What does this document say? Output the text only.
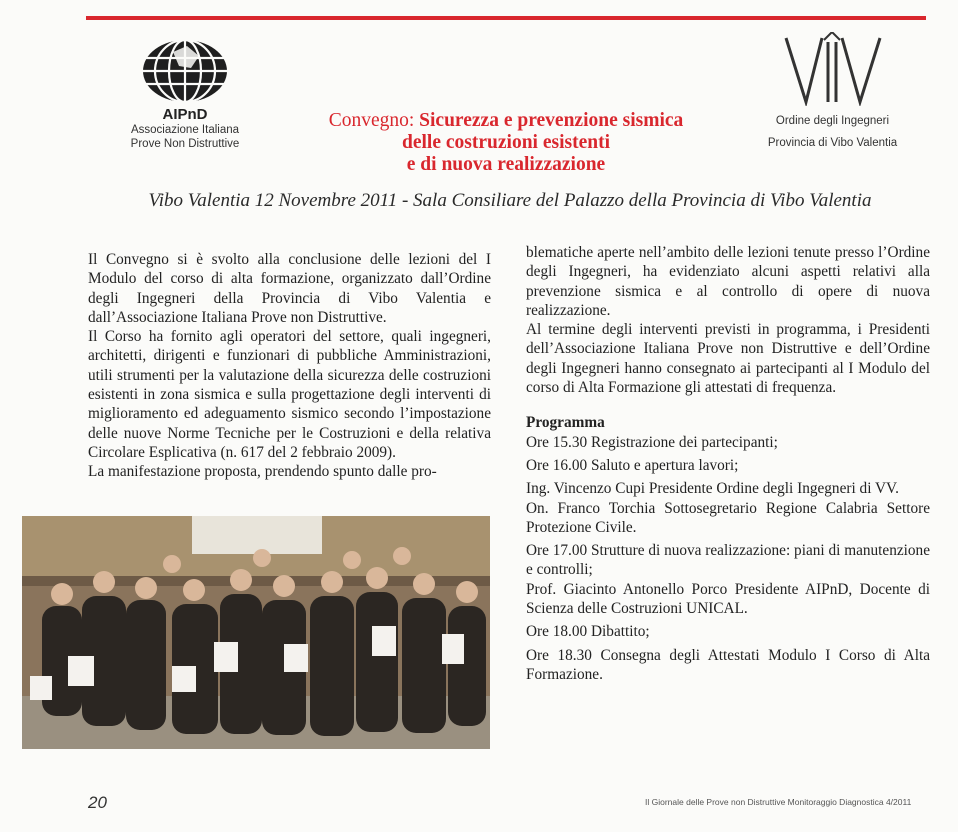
AIPnD
Associazione Italiana
Prove Non Distruttive
Ordine degli Ingegneri
Provincia di Vibo Valentia
Convegno: Sicurezza e prevenzione sismica
delle costruzioni esistenti
e di nuova realizzazione
Vibo Valentia 12 Novembre 2011 - Sala Consiliare del Palazzo della Provincia di Vibo Valentia

Il Convegno si è svolto alla conclusione delle lezioni del I Modulo del corso di alta formazione, organizzato dall’Ordine degli Ingegneri della Provincia di Vibo Valentia e dall’Associazione Italiana Prove non Distruttive.

Il Corso ha fornito agli operatori del settore, quali ingegneri, architetti, dirigenti e funzionari di pubbliche Amministrazioni, utili strumenti per la valutazione della sicurezza delle costruzioni esistenti in zona sismica e sulla progettazione degli interventi di miglioramento ed adeguamento sismico secondo l’impostazione delle nuove Norme Tecniche per le Costruzioni e della relativa Circolare Esplicativa (n. 617 del 2 febbraio 2009).

La manifestazione proposta, prendendo spunto dalle pro-

blematiche aperte nell’ambito delle lezioni tenute presso l’Ordine degli Ingegneri, ha evidenziato alcuni aspetti relativi alla prevenzione sismica e al controllo di opere di nuova realizzazione.

Al termine degli interventi previsti in programma, i Presidenti dell’Associazione Italiana Prove non Distruttive e dell’Ordine degli Ingegneri hanno consegnato ai partecipanti al I Modulo del corso di Alta Formazione gli attestati di frequenza.

Programma

Ore 15.30 Registrazione dei partecipanti;

Ore 16.00 Saluto e apertura lavori;

Ing. Vincenzo Cupi Presidente Ordine degli Ingegneri di VV.

On. Franco Torchia Sottosegretario Regione Calabria Settore Protezione Civile.

Ore 17.00 Strutture di nuova realizzazione: piani di manutenzione e controlli;

Prof. Giacinto Antonello Porco Presidente AIPnD, Docente di Scienza delle Costruzioni UNICAL.

Ore 18.00 Dibattito;

Ore 18.30 Consegna degli Attestati Modulo I Corso di Alta Formazione.

20	Il Giornale delle Prove non Distruttive Monitoraggio Diagnostica 4/2011
